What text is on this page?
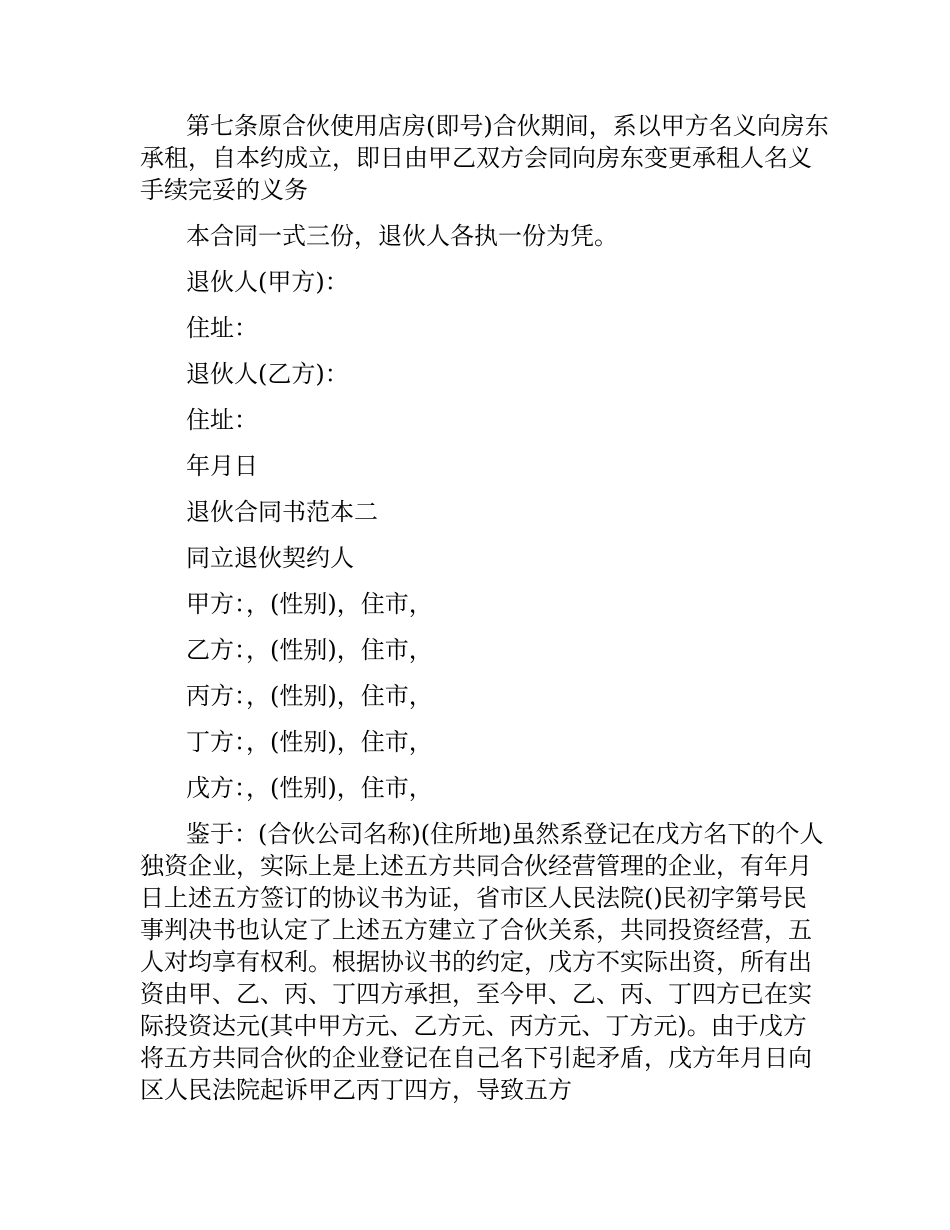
第七条原合伙使用店房(即号)合伙期间，系以甲方名义向房东承租，自本约成立，即日由甲乙双方会同向房东变更承租人名义手续完妥的义务

本合同一式三份，退伙人各执一份为凭。

退伙人(甲方)：

住址：

退伙人(乙方)：

住址：

年月日

退伙合同书范本二

同立退伙契约人

甲方：，(性别)，住市，

乙方：，(性别)，住市，

丙方：，(性别)，住市，

丁方：，(性别)，住市，

戊方：，(性别)，住市，

鉴于：(合伙公司名称)(住所地)虽然系登记在戊方名下的个人独资企业，实际上是上述五方共同合伙经营管理的企业，有年月日上述五方签订的协议书为证，省市区人民法院()民初字第号民事判决书也认定了上述五方建立了合伙关系，共同投资经营，五人对均享有权利。根据协议书的约定，戊方不实际出资，所有出资由甲、乙、丙、丁四方承担，至今甲、乙、丙、丁四方已在实际投资达元(其中甲方元、乙方元、丙方元、丁方元)。由于戊方将五方共同合伙的企业登记在自己名下引起矛盾，戊方年月日向区人民法院起诉甲乙丙丁四方，导致五方
